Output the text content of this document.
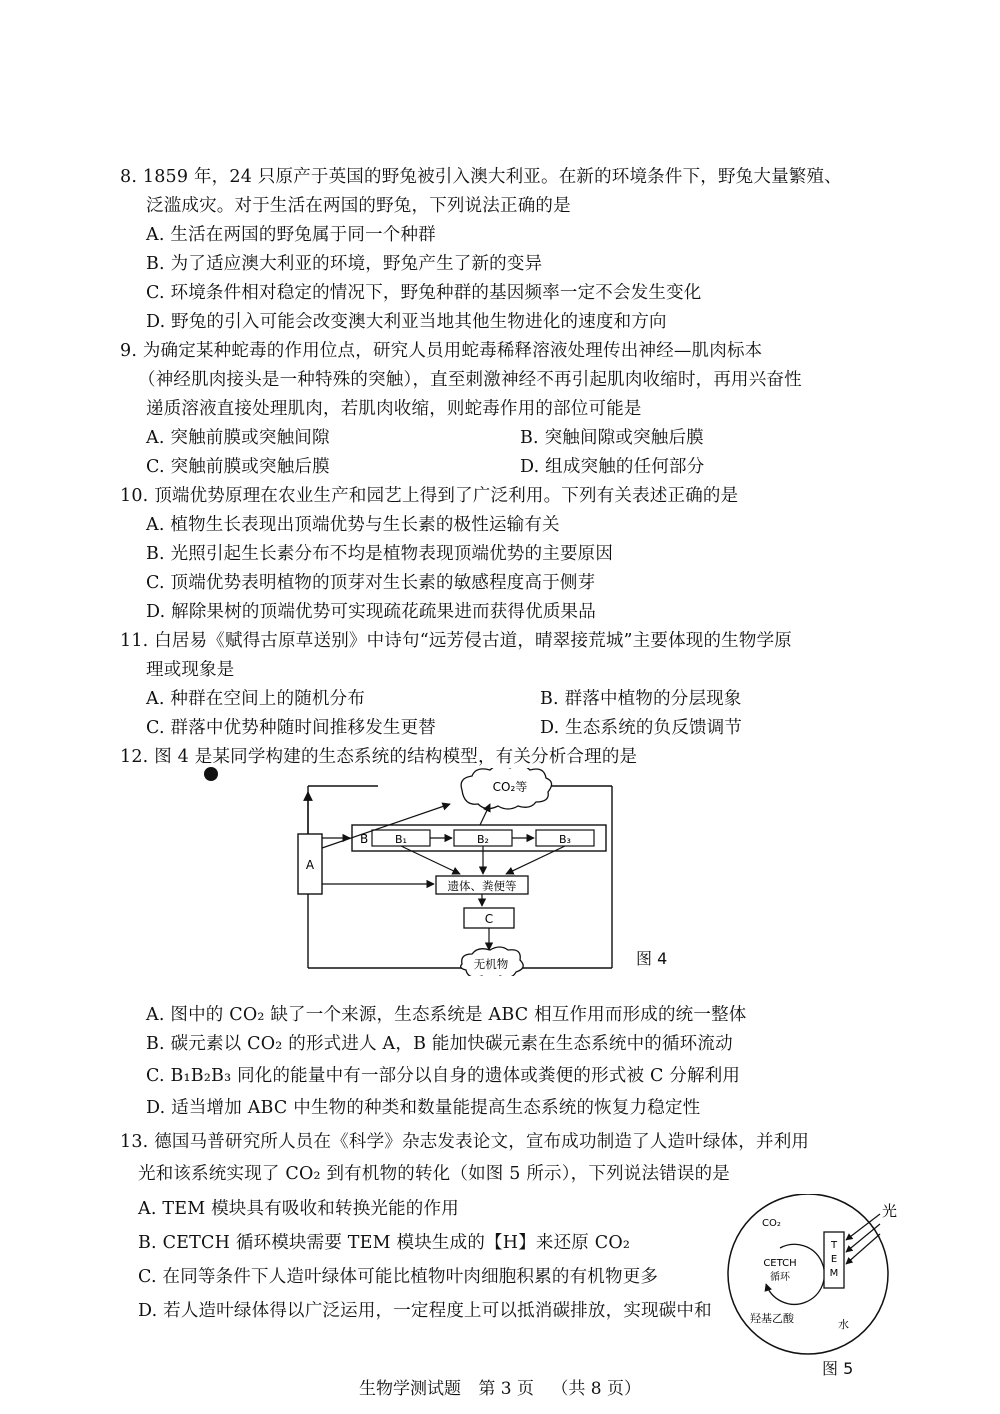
8. 1859 年，24 只原产于英国的野兔被引入澳大利亚。在新的环境条件下，野兔大量繁殖、
泛滥成灾。对于生活在两国的野兔，下列说法正确的是
A. 生活在两国的野兔属于同一个种群
B. 为了适应澳大利亚的环境，野兔产生了新的变异
C. 环境条件相对稳定的情况下，野兔种群的基因频率一定不会发生变化
D. 野兔的引入可能会改变澳大利亚当地其他生物进化的速度和方向
9. 为确定某种蛇毒的作用位点，研究人员用蛇毒稀释溶液处理传出神经—肌肉标本
（神经肌肉接头是一种特殊的突触），直至刺激神经不再引起肌肉收缩时，再用兴奋性
递质溶液直接处理肌肉，若肌肉收缩，则蛇毒作用的部位可能是
A. 突触前膜或突触间隙	B. 突触间隙或突触后膜
C. 突触前膜或突触后膜	D. 组成突触的任何部分
10. 顶端优势原理在农业生产和园艺上得到了广泛利用。下列有关表述正确的是
A. 植物生长表现出顶端优势与生长素的极性运输有关
B. 光照引起生长素分布不均是植物表现顶端优势的主要原因
C. 顶端优势表明植物的顶芽对生长素的敏感程度高于侧芽
D. 解除果树的顶端优势可实现疏花疏果进而获得优质果品
11. 白居易《赋得古原草送别》中诗句“远芳侵古道，晴翠接荒城”主要体现的生物学原
理或现象是
A. 种群在空间上的随机分布	B. 群落中植物的分层现象
C. 群落中优势种随时间推移发生更替	D. 生态系统的负反馈调节
12. 图 4 是某同学构建的生态系统的结构模型，有关分析合理的是
CO₂等
A
B B₁	B₂	B₃
遗体、粪便等
C
无机物	图 4
A. 图中的 CO₂ 缺了一个来源，生态系统是 ABC 相互作用而形成的统一整体
B. 碳元素以 CO₂ 的形式进人 A，B 能加快碳元素在生态系统中的循环流动
C. B₁B₂B₃ 同化的能量中有一部分以自身的遗体或粪便的形式被 C 分解利用
D. 适当增加 ABC 中生物的种类和数量能提高生态系统的恢复力稳定性
13. 德国马普研究所人员在《科学》杂志发表论文，宣布成功制造了人造叶绿体，并利用
光和该系统实现了 CO₂ 到有机物的转化（如图 5 所示），下列说法错误的是
A. TEM 模块具有吸收和转换光能的作用
B. CETCH 循环模块需要 TEM 模块生成的【H】来还原 CO₂
C. 在同等条件下人造叶绿体可能比植物叶肉细胞积累的有机物更多
D. 若人造叶绿体得以广泛运用，一定程度上可以抵消碳排放，实现碳中和
CO₂
CETCH
循环
T
E
M
光
羟基乙酸	水
图 5
生物学测试题 第 3 页 （共 8 页）
